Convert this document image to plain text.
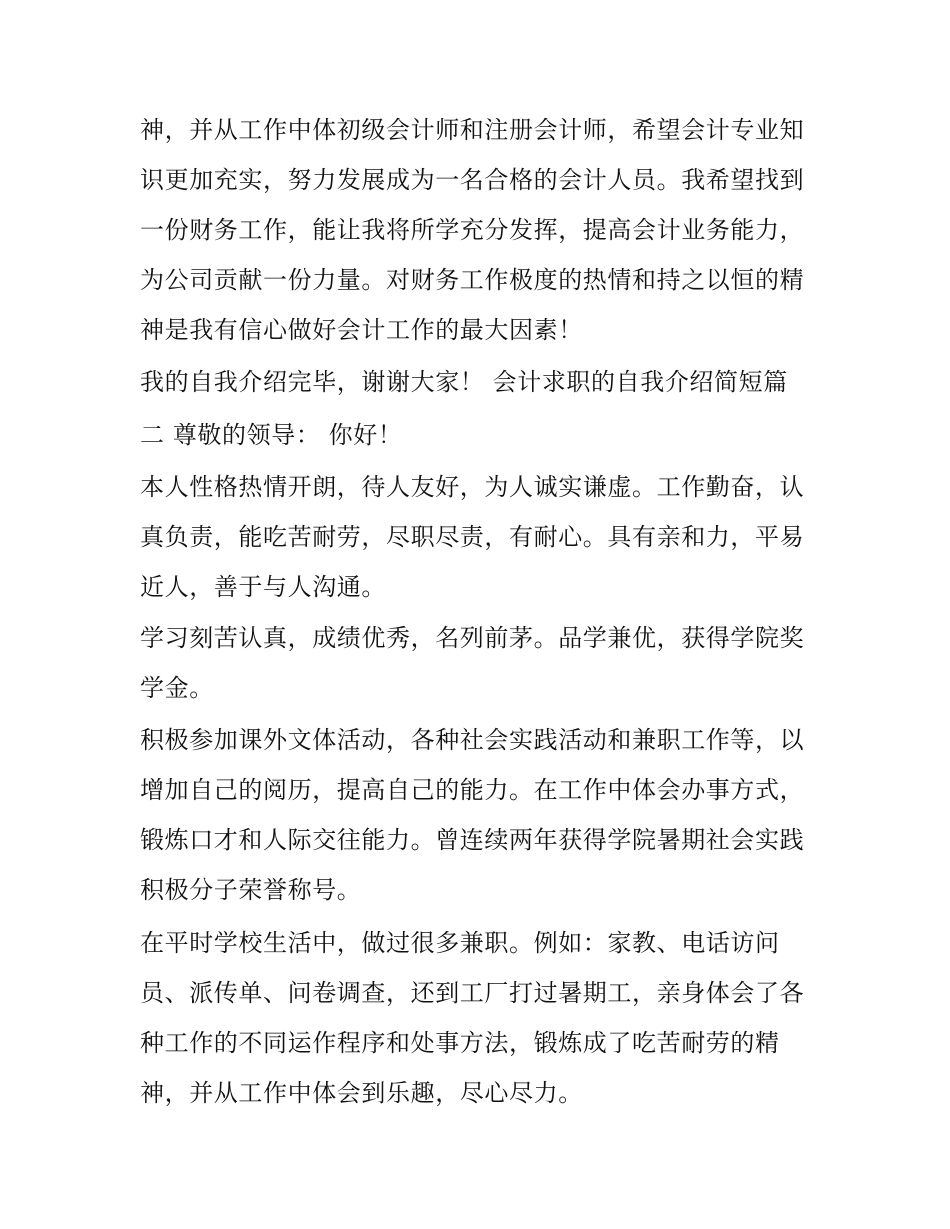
神，并从工作中体初级会计师和注册会计师，希望会计专业知
识更加充实，努力发展成为一名合格的会计人员。我希望找到
一份财务工作，能让我将所学充分发挥，提高会计业务能力，
为公司贡献一份力量。对财务工作极度的热情和持之以恒的精
神是我有信心做好会计工作的最大因素！
我的自我介绍完毕，谢谢大家！ 会计求职的自我介绍简短篇
二 尊敬的领导： 你好！
本人性格热情开朗，待人友好，为人诚实谦虚。工作勤奋，认
真负责，能吃苦耐劳，尽职尽责，有耐心。具有亲和力，平易
近人，善于与人沟通。
学习刻苦认真，成绩优秀，名列前茅。品学兼优，获得学院奖
学金。
积极参加课外文体活动，各种社会实践活动和兼职工作等，以
增加自己的阅历，提高自己的能力。在工作中体会办事方式，
锻炼口才和人际交往能力。曾连续两年获得学院暑期社会实践
积极分子荣誉称号。
在平时学校生活中，做过很多兼职。例如：家教、电话访问
员、派传单、问卷调查，还到工厂打过暑期工，亲身体会了各
种工作的不同运作程序和处事方法，锻炼成了吃苦耐劳的精
神，并从工作中体会到乐趣，尽心尽力。
